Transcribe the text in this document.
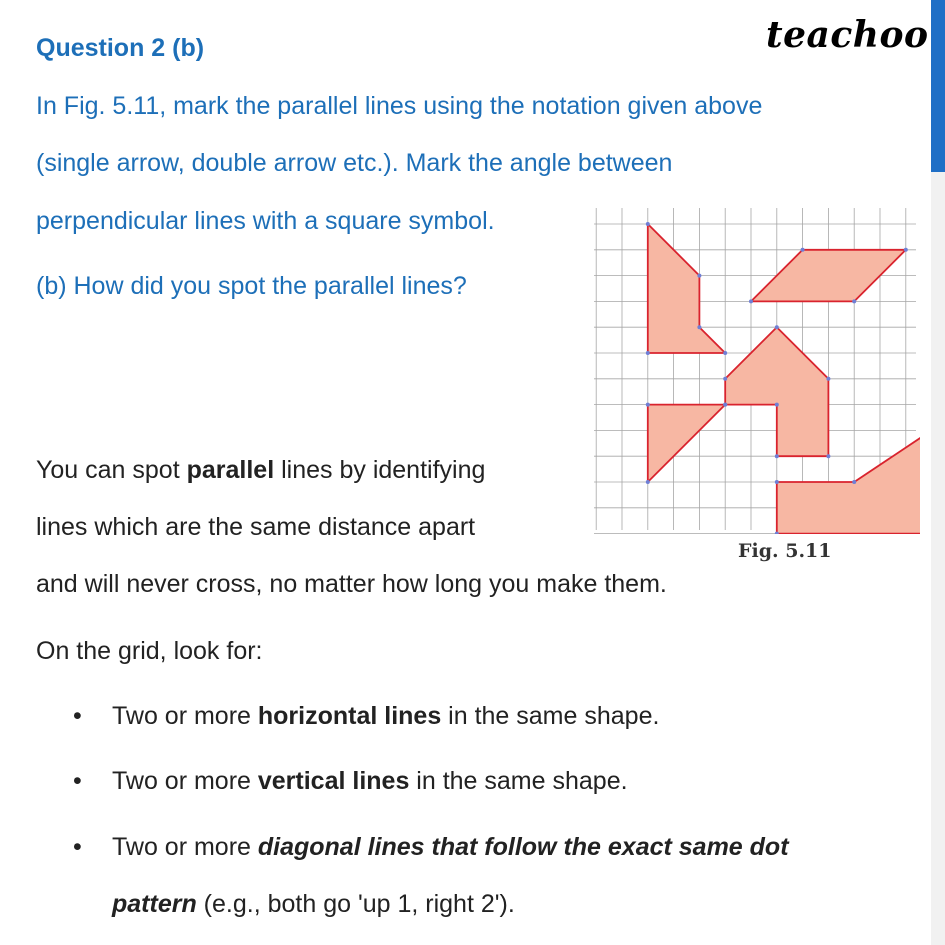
Question 2 (b)	teachoo
In Fig. 5.11, mark the parallel lines using the notation given above
(single arrow, double arrow etc.). Mark the angle between
perpendicular lines with a square symbol.
(b) How did you spot the parallel lines?
Fig. 5.11
You can spot parallel lines by identifying
lines which are the same distance apart
and will never cross, no matter how long you make them.
On the grid, look for:
• Two or more horizontal lines in the same shape.
• Two or more vertical lines in the same shape.
• Two or more diagonal lines that follow the exact same dot
pattern (e.g., both go 'up 1, right 2').
